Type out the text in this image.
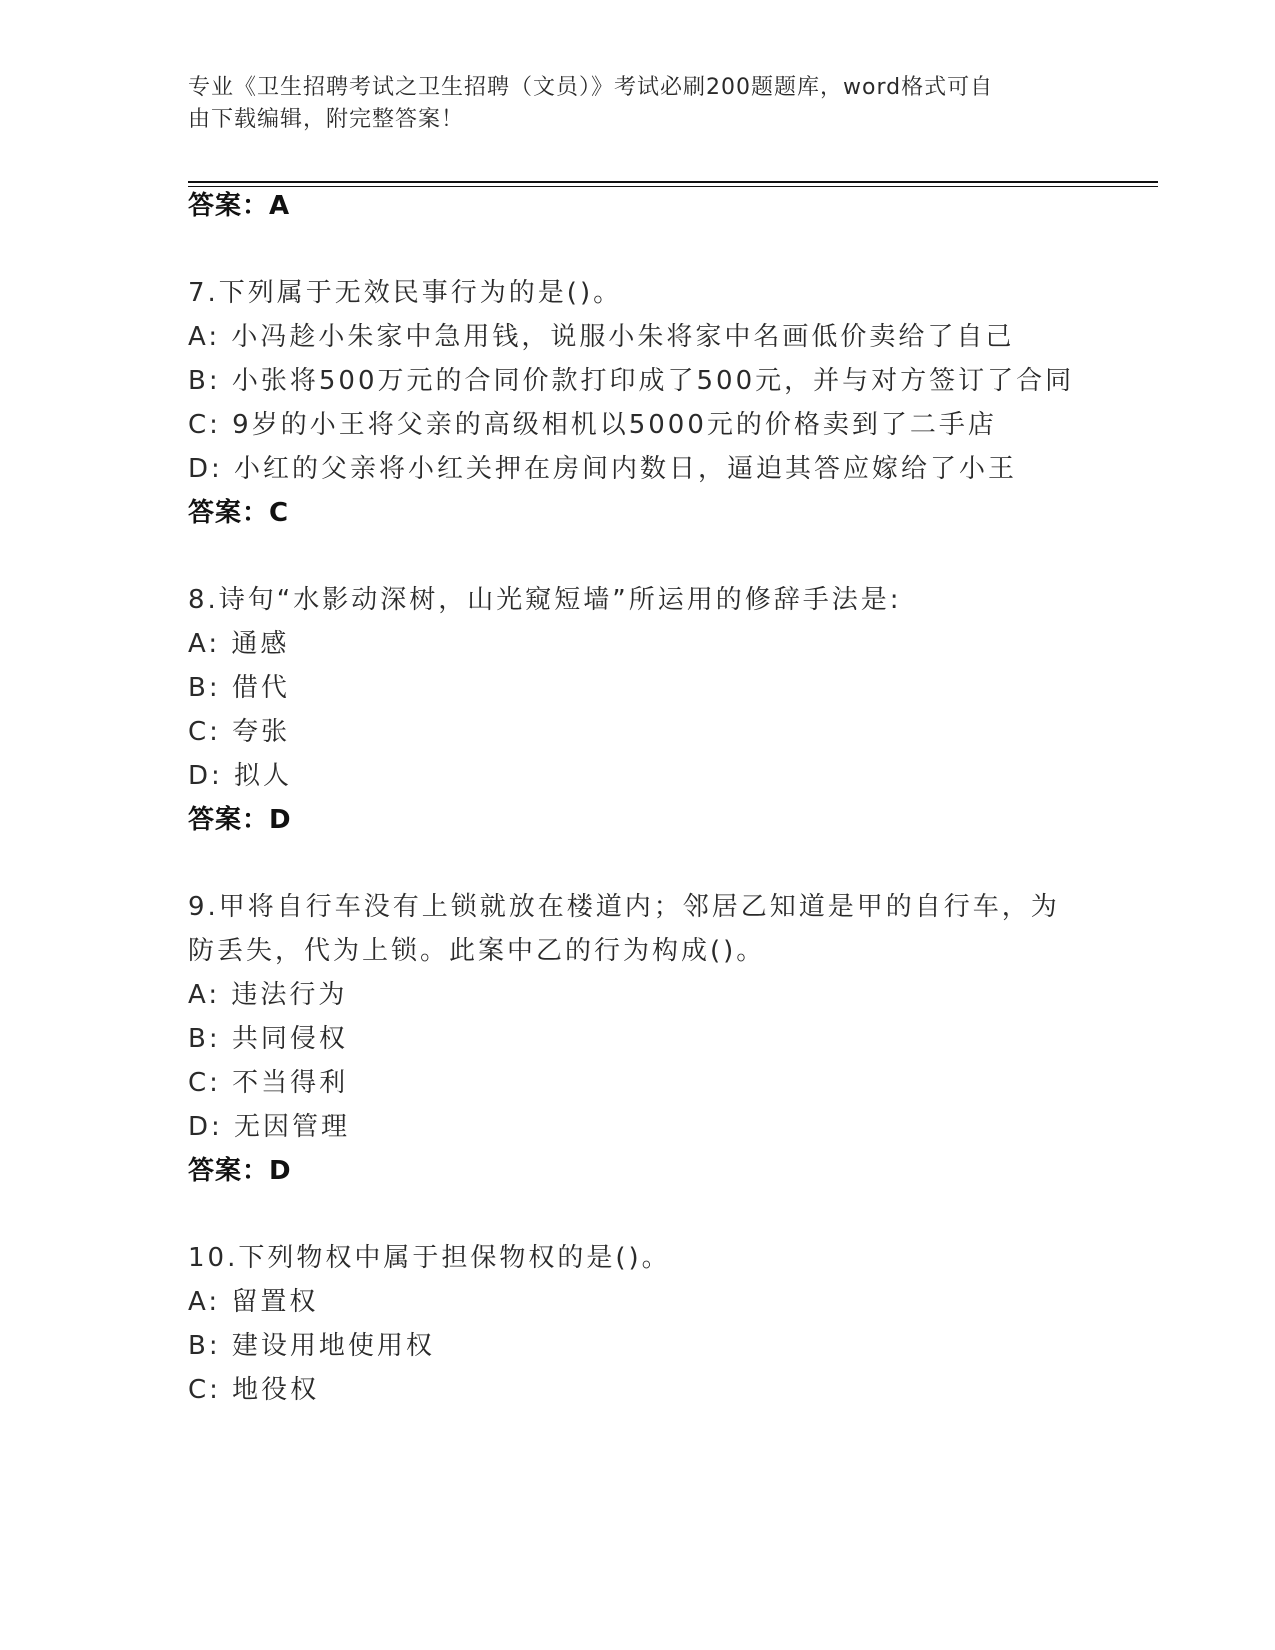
专业《卫生招聘考试之卫生招聘（文员）》考试必刷200题题库，word格式可自
由下载编辑，附完整答案！
答案：A
7.下列属于无效民事行为的是()。
A: 小冯趁小朱家中急用钱，说服小朱将家中名画低价卖给了自己
B: 小张将500万元的合同价款打印成了500元，并与对方签订了合同
C: 9岁的小王将父亲的高级相机以5000元的价格卖到了二手店
D: 小红的父亲将小红关押在房间内数日，逼迫其答应嫁给了小王
答案：C
8.诗句“水影动深树，山光窥短墙”所运用的修辞手法是:
A: 通感
B: 借代
C: 夸张
D: 拟人
答案：D
9.甲将自行车没有上锁就放在楼道内；邻居乙知道是甲的自行车，为
防丢失，代为上锁。此案中乙的行为构成()。
A: 违法行为
B: 共同侵权
C: 不当得利
D: 无因管理
答案：D
10.下列物权中属于担保物权的是()。
A: 留置权
B: 建设用地使用权
C: 地役权
